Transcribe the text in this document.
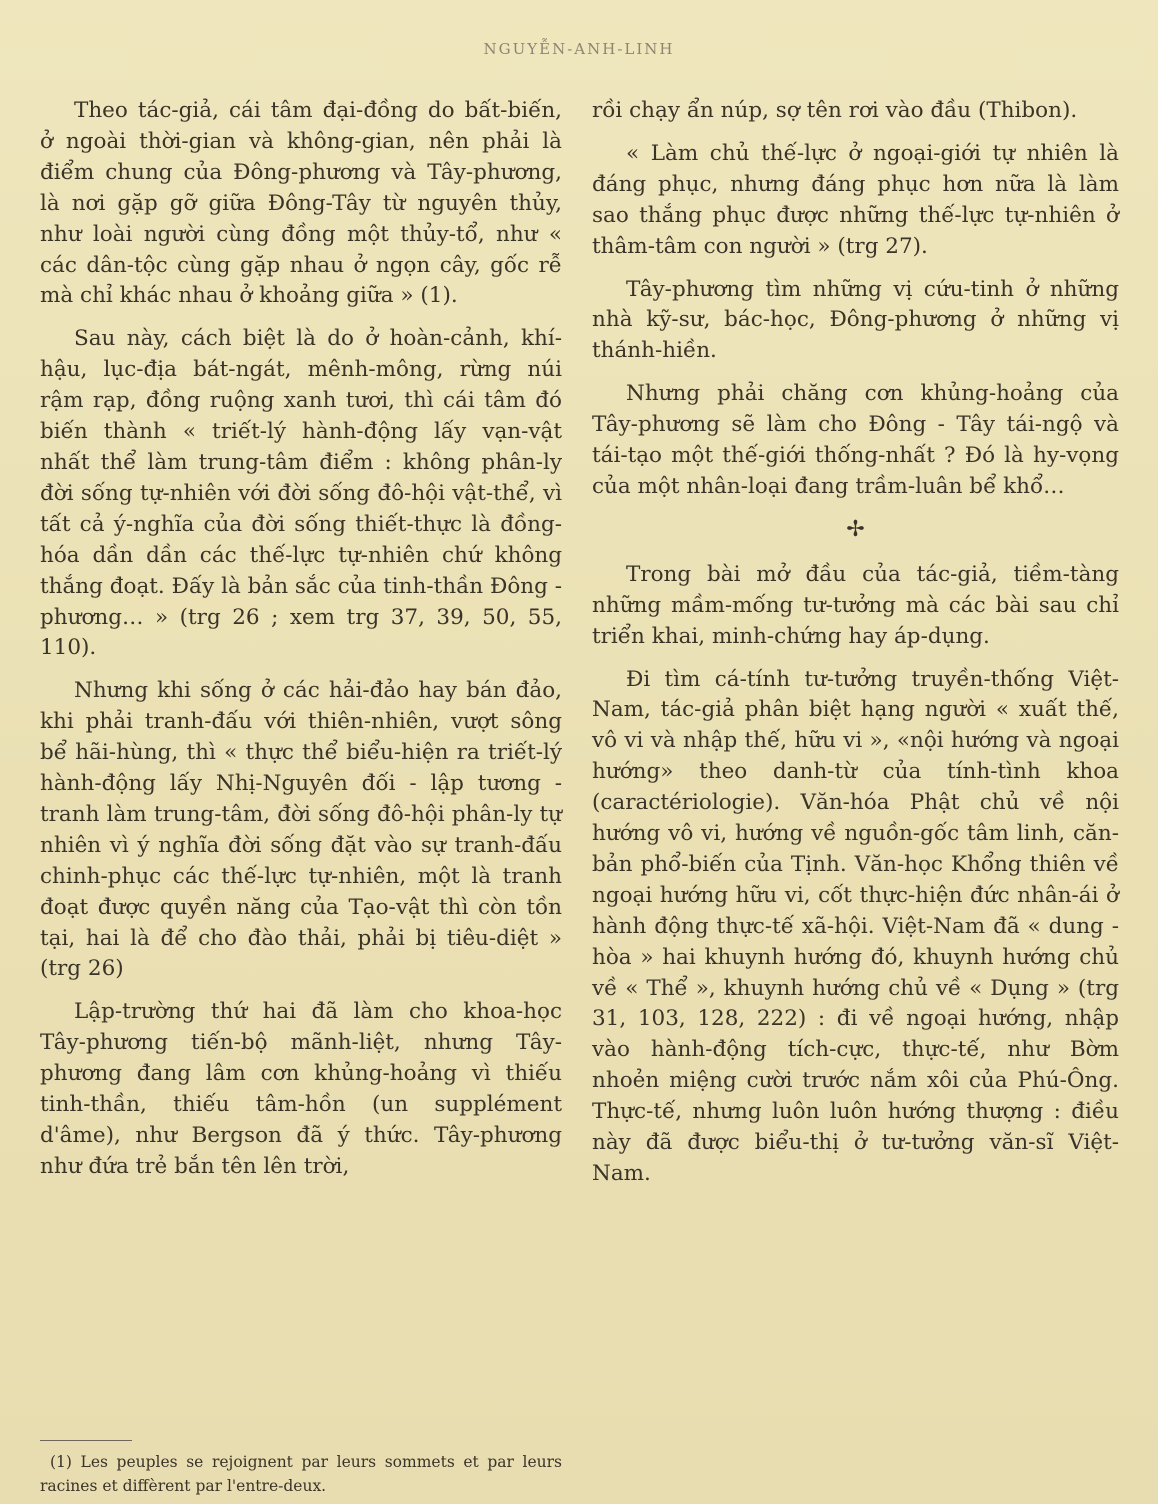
NGUYỄN-ANH-LINH

Theo tác-giả, cái tâm đại-đồng do bất-biến, ở ngoài thời-gian và không-gian, nên phải là điểm chung của Đông-phương và Tây-phương, là nơi gặp gỡ giữa Đông-Tây từ nguyên thủy, như loài người cùng đồng một thủy-tổ, như « các dân-tộc cùng gặp nhau ở ngọn cây, gốc rễ mà chỉ khác nhau ở khoảng giữa » (1).

Sau này, cách biệt là do ở hoàn-cảnh, khí-hậu, lục-địa bát-ngát, mênh-mông, rừng núi rậm rạp, đồng ruộng xanh tươi, thì cái tâm đó biến thành « triết-lý hành-động lấy vạn-vật nhất thể làm trung-tâm điểm : không phân-ly đời sống tự-nhiên với đời sống đô-hội vật-thể, vì tất cả ý-nghĩa của đời sống thiết-thực là đồng-hóa dần dần các thế-lực tự-nhiên chứ không thắng đoạt. Đấy là bản sắc của tinh-thần Đông - phương… » (trg 26 ; xem trg 37, 39, 50, 55, 110).

Nhưng khi sống ở các hải-đảo hay bán đảo, khi phải tranh-đấu với thiên-nhiên, vượt sông bể hãi-hùng, thì « thực thể biểu-hiện ra triết-lý hành-động lấy Nhị-Nguyên đối - lập tương - tranh làm trung-tâm, đời sống đô-hội phân-ly tự nhiên vì ý nghĩa đời sống đặt vào sự tranh-đấu chinh-phục các thế-lực tự-nhiên, một là tranh đoạt được quyền năng của Tạo-vật thì còn tồn tại, hai là để cho đào thải, phải bị tiêu-diệt » (trg 26)

Lập-trường thứ hai đã làm cho khoa-học Tây-phương tiến-bộ mãnh-liệt, nhưng Tây-phương đang lâm cơn khủng-hoảng vì thiếu tinh-thần, thiếu tâm-hồn (un supplément d'âme), như Bergson đã ý thức. Tây-phương như đứa trẻ bắn tên lên trời,

(1) Les peuples se rejoignent par leurs sommets et par leurs racines et diffèrent par l'entre-deux.

rồi chạy ẩn núp, sợ tên rơi vào đầu (Thibon).

« Làm chủ thế-lực ở ngoại-giới tự nhiên là đáng phục, nhưng đáng phục hơn nữa là làm sao thắng phục được những thế-lực tự-nhiên ở thâm-tâm con người » (trg 27).

Tây-phương tìm những vị cứu-tinh ở những nhà kỹ-sư, bác-học, Đông-phương ở những vị thánh-hiền.

Nhưng phải chăng cơn khủng-hoảng của Tây-phương sẽ làm cho Đông - Tây tái-ngộ và tái-tạo một thế-giới thống-nhất ? Đó là hy-vọng của một nhân-loại đang trầm-luân bể khổ…

✢

Trong bài mở đầu của tác-giả, tiềm-tàng những mầm-mống tư-tưởng mà các bài sau chỉ triển khai, minh-chứng hay áp-dụng.

Đi tìm cá-tính tư-tưởng truyền-thống Việt-Nam, tác-giả phân biệt hạng người « xuất thế, vô vi và nhập thế, hữu vi », «nội hướng và ngoại hướng» theo danh-từ của tính-tình khoa (caractériologie). Văn-hóa Phật chủ về nội hướng vô vi, hướng về nguồn-gốc tâm linh, căn-bản phổ-biến của Tịnh. Văn-học Khổng thiên về ngoại hướng hữu vi, cốt thực-hiện đức nhân-ái ở hành động thực-tế xã-hội. Việt-Nam đã « dung - hòa » hai khuynh hướng đó, khuynh hướng chủ về « Thể », khuynh hướng chủ về « Dụng » (trg 31, 103, 128, 222) : đi về ngoại hướng, nhập vào hành-động tích-cực, thực-tế, như Bờm nhoẻn miệng cười trước nắm xôi của Phú-Ông. Thực-tế, nhưng luôn luôn hướng thượng : điều này đã được biểu-thị ở tư-tưởng văn-sĩ Việt-Nam.
